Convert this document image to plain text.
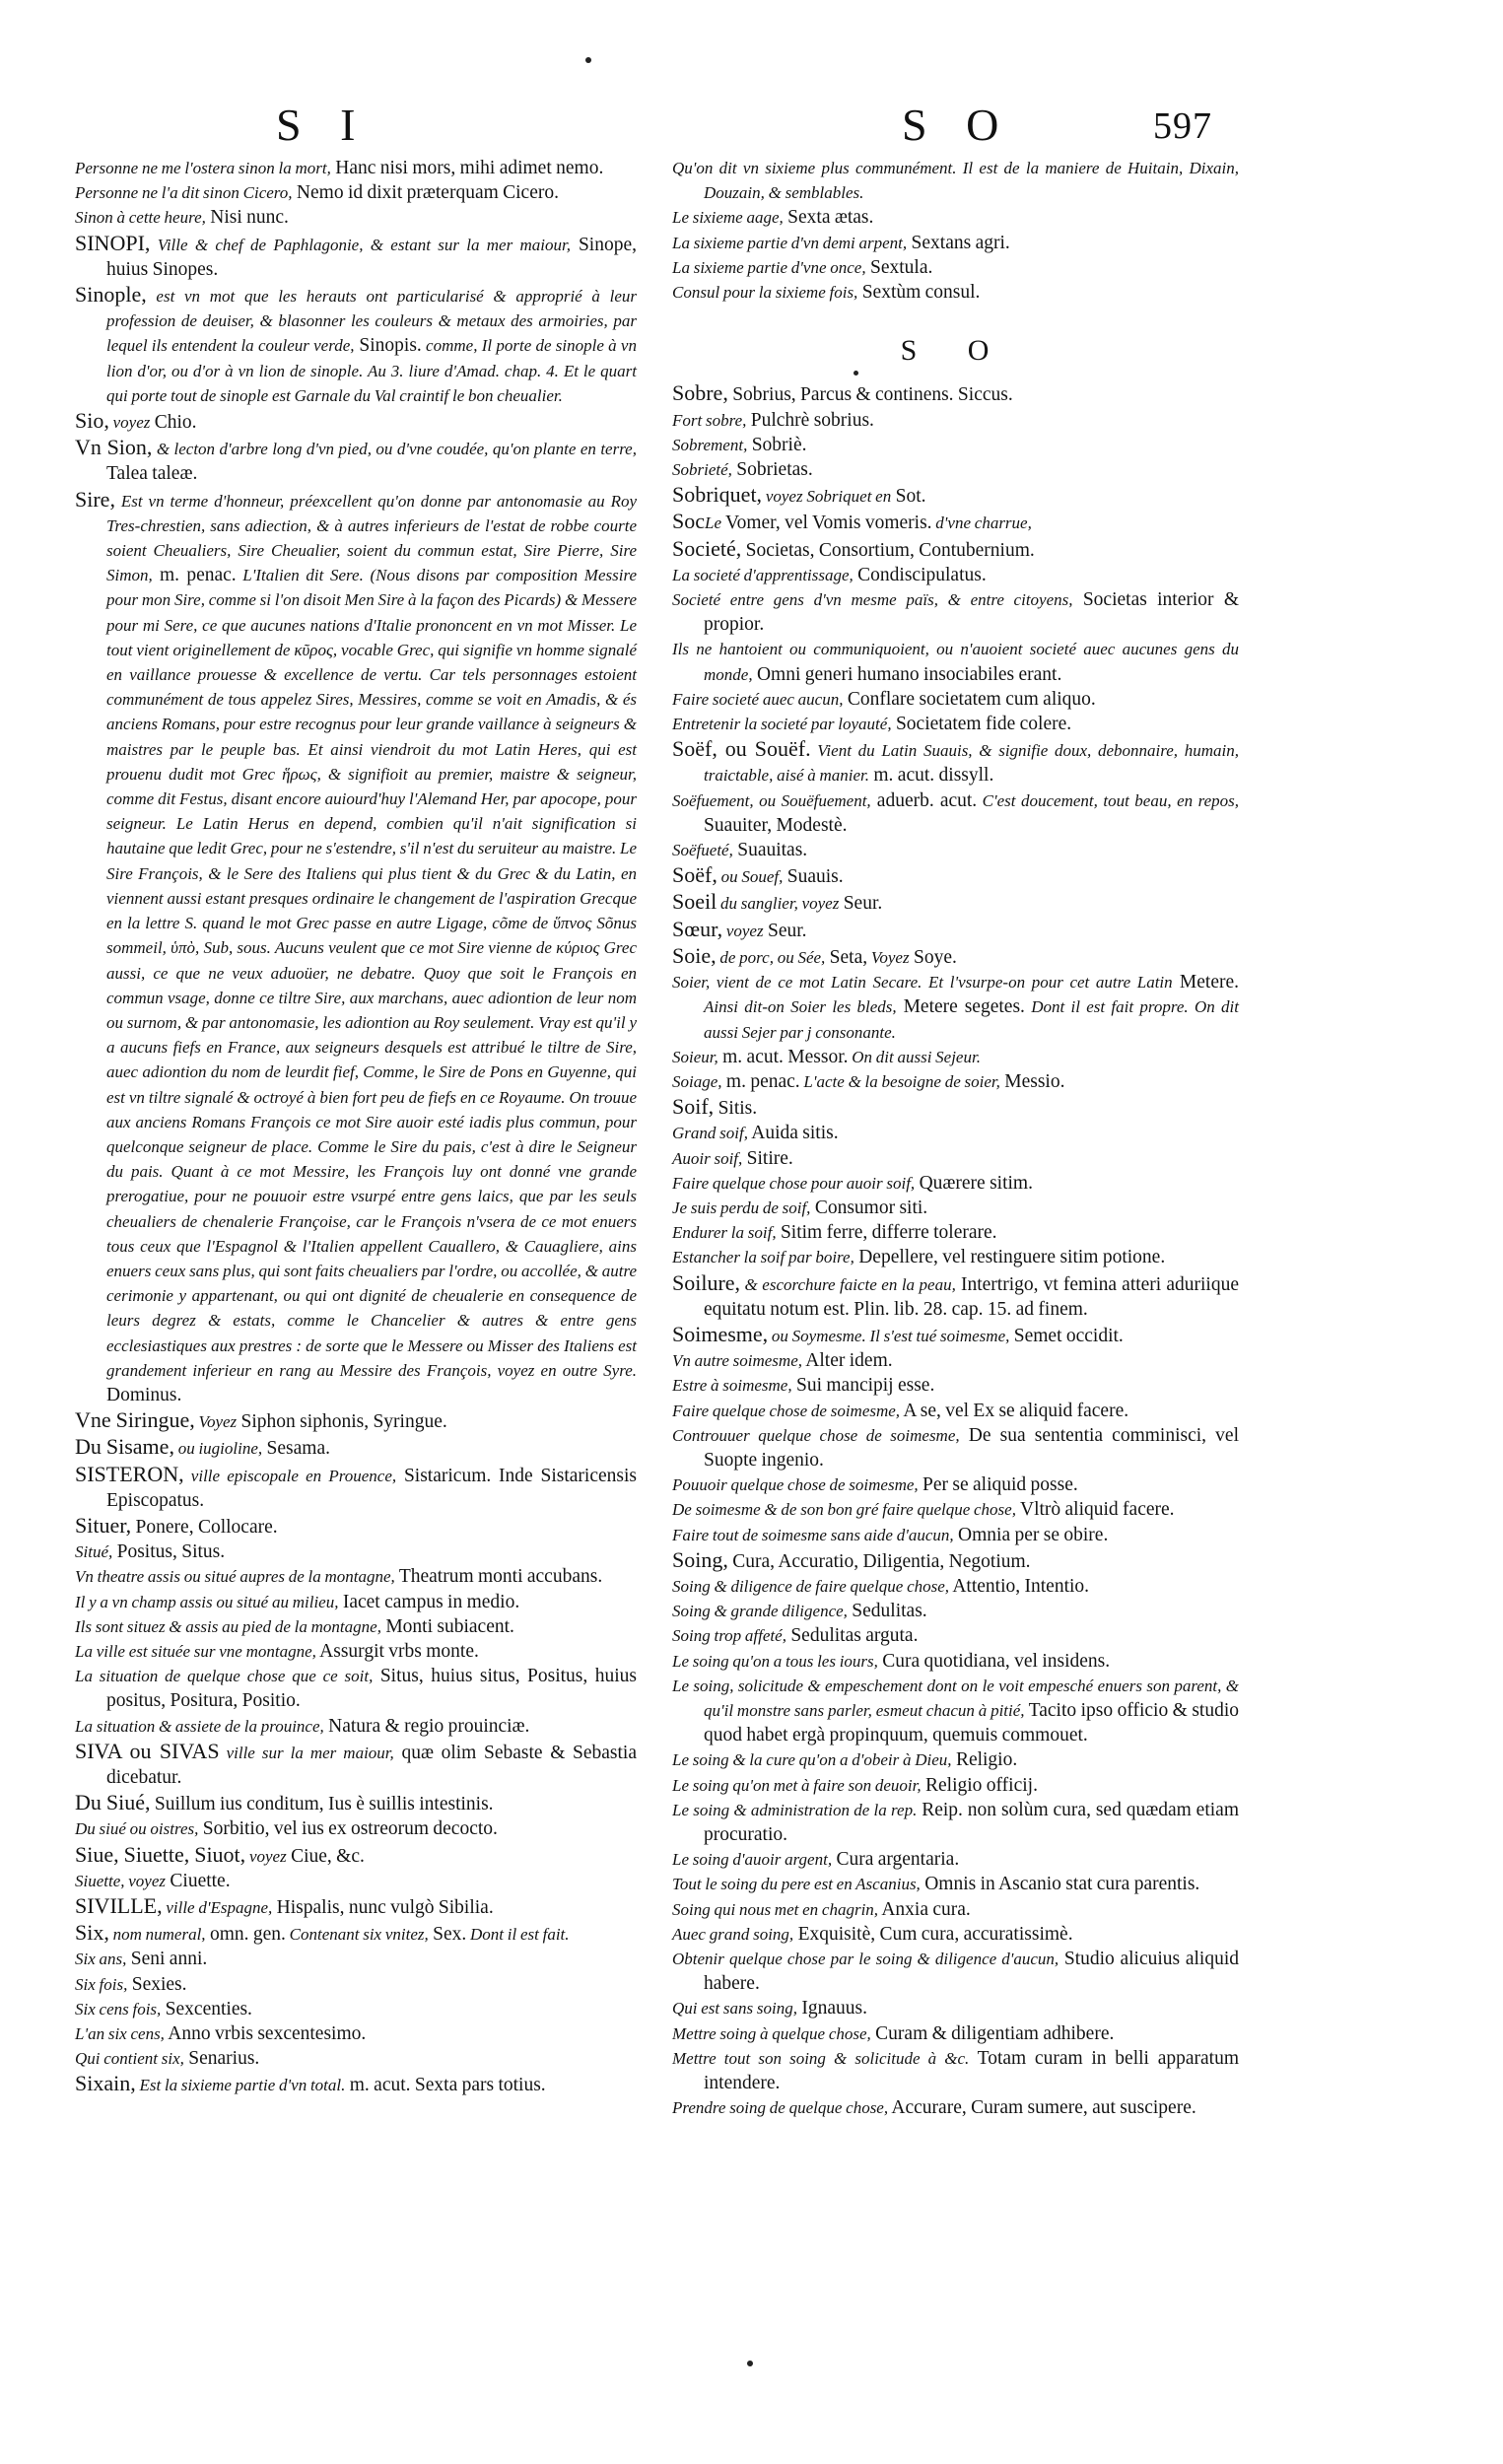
S I	S O	597

Personne ne me l'ostera sinon la mort, Hanc nisi mors, mihi adimet nemo.

Personne ne l'a dit sinon Cicero, Nemo id dixit præterquam Cicero.

Sinon à cette heure, Nisi nunc.

SINOPI, Ville & chef de Paphlagonie, & estant sur la mer maiour, Sinope, huius Sinopes.

Sinople, est vn mot que les herauts ont particularisé & approprié à leur profession de deuiser, & blasonner les couleurs & metaux des armoiries, par lequel ils entendent la couleur verde, Sinopis. comme, Il porte de sinople à vn lion d'or, ou d'or à vn lion de sinople. Au 3. liure d'Amad. chap. 4. Et le quart qui porte tout de sinople est Garnale du Val craintif le bon cheualier.

Sio, voyez Chio.

Vn Sion, & lecton d'arbre long d'vn pied, ou d'vne coudée, qu'on plante en terre, Talea taleæ.

Sire, Est vn terme d'honneur, préexcellent qu'on donne par antonomasie au Roy Tres-chrestien, sans adiection, & à autres inferieurs de l'estat de robbe courte soient Cheualiers, Sire Cheualier, soient du commun estat, Sire Pierre, Sire Simon, m. penac. L'Italien dit Sere. (Nous disons par composition Messire pour mon Sire, comme si l'on disoit Men Sire à la façon des Picards) & Messere pour mi Sere, ce que aucunes nations d'Italie prononcent en vn mot Misser. Le tout vient originellement de κῦρος, vocable Grec, qui signifie vn homme signalé en vaillance prouesse & excellence de vertu. Car tels personnages estoient communément de tous appelez Sires, Messires, comme se voit en Amadis, & és anciens Romans, pour estre recognus pour leur grande vaillance à seigneurs & maistres par le peuple bas. Et ainsi viendroit du mot Latin Heres, qui est prouenu dudit mot Grec ἥρως, & signifioit au premier, maistre & seigneur, comme dit Festus, disant encore auiourd'huy l'Alemand Her, par apocope, pour seigneur. Le Latin Herus en depend, combien qu'il n'ait signification si hautaine que ledit Grec, pour ne s'estendre, s'il n'est du seruiteur au maistre. Le Sire François, & le Sere des Italiens qui plus tient & du Grec & du Latin, en viennent aussi estant presques ordinaire le changement de l'aspiration Grecque en la lettre S. quand le mot Grec passe en autre Ligage, cõme de ὕπνος Sõnus sommeil, ὑπὸ, Sub, sous. Aucuns veulent que ce mot Sire vienne de κύριος Grec aussi, ce que ne veux aduoüer, ne debatre. Quoy que soit le François en commun vsage, donne ce tiltre Sire, aux marchans, auec adiontion de leur nom ou surnom, & par antonomasie, les adiontion au Roy seulement. Vray est qu'il y a aucuns fiefs en France, aux seigneurs desquels est attribué le tiltre de Sire, auec adiontion du nom de leurdit fief, Comme, le Sire de Pons en Guyenne, qui est vn tiltre signalé & octroyé à bien fort peu de fiefs en ce Royaume. On trouue aux anciens Romans François ce mot Sire auoir esté iadis plus commun, pour quelconque seigneur de place. Comme le Sire du pais, c'est à dire le Seigneur du pais. Quant à ce mot Messire, les François luy ont donné vne grande prerogatiue, pour ne pouuoir estre vsurpé entre gens laics, que par les seuls cheualiers de chenalerie Françoise, car le François n'vsera de ce mot enuers tous ceux que l'Espagnol & l'Italien appellent Cauallero, & Cauagliere, ains enuers ceux sans plus, qui sont faits cheualiers par l'ordre, ou accollée, & autre cerimonie y appartenant, ou qui ont dignité de cheualerie en consequence de leurs degrez & estats, comme le Chancelier & autres & entre gens ecclesiastiques aux prestres : de sorte que le Messere ou Misser des Italiens est grandement inferieur en rang au Messire des François, voyez en outre Syre. Dominus.

Vne Siringue, Voyez Siphon siphonis, Syringue.

Du Sisame, ou iugioline, Sesama.

SISTERON, ville episcopale en Prouence, Sistaricum. Inde Sistaricensis Episcopatus.

Situer, Ponere, Collocare.

Situé, Positus, Situs.

Vn theatre assis ou situé aupres de la montagne, Theatrum monti accubans.

Il y a vn champ assis ou situé au milieu, Iacet campus in medio.

Ils sont situez & assis au pied de la montagne, Monti subiacent.

La ville est située sur vne montagne, Assurgit vrbs monte.

La situation de quelque chose que ce soit, Situs, huius situs, Positus, huius positus, Positura, Positio.

La situation & assiete de la prouince, Natura & regio prouinciæ.

SIVA ou SIVAS ville sur la mer maiour, quæ olim Sebaste & Sebastia dicebatur.

Du Siué, Suillum ius conditum, Ius è suillis intestinis.

Du siué ou oistres, Sorbitio, vel ius ex ostreorum decocto.

Siue, Siuette, Siuot, voyez Ciue, &c.

Siuette, voyez Ciuette.

SIVILLE, ville d'Espagne, Hispalis, nunc vulgò Sibilia.

Six, nom numeral, omn. gen. Contenant six vnitez, Sex. Dont il est fait.

Six ans, Seni anni.

Six fois, Sexies.

Six cens fois, Sexcenties.

L'an six cens, Anno vrbis sexcentesimo.

Qui contient six, Senarius.

Sixain, Est la sixieme partie d'vn total. m. acut. Sexta pars totius.

Qu'on dit vn sixieme plus communément. Il est de la maniere de Huitain, Dixain, Douzain, & semblables.

Le sixieme aage, Sexta ætas.

La sixieme partie d'vn demi arpent, Sextans agri.

La sixieme partie d'vne once, Sextula.

Consul pour la sixieme fois, Sextùm consul.

S O

Sobre, Sobrius, Parcus & continens. Siccus.

Fort sobre, Pulchrè sobrius.

Sobrement, Sobriè.

Sobrieté, Sobrietas.

Sobriquet, voyez Sobriquet en Sot.

SocLe Vomer, vel Vomis vomeris. d'vne charrue,

Societé, Societas, Consortium, Contubernium.

La societé d'apprentissage, Condiscipulatus.

Societé entre gens d'vn mesme païs, & entre citoyens, Societas interior & propior.

Ils ne hantoient ou communiquoient, ou n'auoient societé auec aucunes gens du monde, Omni generi humano insociabiles erant.

Faire societé auec aucun, Conflare societatem cum aliquo.

Entretenir la societé par loyauté, Societatem fide colere.

Soëf, ou Souëf. Vient du Latin Suauis, & signifie doux, debonnaire, humain, traictable, aisé à manier. m. acut. dissyll.

Soëfuement, ou Souëfuement, aduerb. acut. C'est doucement, tout beau, en repos, Suauiter, Modestè.

Soëfueté, Suauitas.

Soëf, ou Souef, Suauis.

Soeil du sanglier, voyez Seur.

Sœur, voyez Seur.

Soie, de porc, ou Sée, Seta, Voyez Soye.

Soier, vient de ce mot Latin Secare. Et l'vsurpe-on pour cet autre Latin Metere. Ainsi dit-on Soier les bleds, Metere segetes. Dont il est fait propre. On dit aussi Sejer par j consonante.

Soieur, m. acut. Messor. On dit aussi Sejeur.

Soiage, m. penac. L'acte & la besoigne de soier, Messio.

Soif, Sitis.

Grand soif, Auida sitis.

Auoir soif, Sitire.

Faire quelque chose pour auoir soif, Quærere sitim.

Je suis perdu de soif, Consumor siti.

Endurer la soif, Sitim ferre, differre tolerare.

Estancher la soif par boire, Depellere, vel restinguere sitim potione.

Soilure, & escorchure faicte en la peau, Intertrigo, vt femina atteri aduriique equitatu notum est. Plin. lib. 28. cap. 15. ad finem.

Soimesme, ou Soymesme. Il s'est tué soimesme, Semet occidit.

Vn autre soimesme, Alter idem.

Estre à soimesme, Sui mancipij esse.

Faire quelque chose de soimesme, A se, vel Ex se aliquid facere.

Controuuer quelque chose de soimesme, De sua sententia comminisci, vel Suopte ingenio.

Pouuoir quelque chose de soimesme, Per se aliquid posse.

De soimesme & de son bon gré faire quelque chose, Vltrò aliquid facere.

Faire tout de soimesme sans aide d'aucun, Omnia per se obire.

Soing, Cura, Accuratio, Diligentia, Negotium.

Soing & diligence de faire quelque chose, Attentio, Intentio.

Soing & grande diligence, Sedulitas.

Soing trop affeté, Sedulitas arguta.

Le soing qu'on a tous les iours, Cura quotidiana, vel insidens.

Le soing, solicitude & empeschement dont on le voit empesché enuers son parent, & qu'il monstre sans parler, esmeut chacun à pitié, Tacito ipso officio & studio quod habet ergà propinquum, quemuis commouet.

Le soing & la cure qu'on a d'obeir à Dieu, Religio.

Le soing qu'on met à faire son deuoir, Religio officij.

Le soing & administration de la rep. Reip. non solùm cura, sed quædam etiam procuratio.

Le soing d'auoir argent, Cura argentaria.

Tout le soing du pere est en Ascanius, Omnis in Ascanio stat cura parentis.

Soing qui nous met en chagrin, Anxia cura.

Auec grand soing, Exquisitè, Cum cura, accuratissimè.

Obtenir quelque chose par le soing & diligence d'aucun, Studio alicuius aliquid habere.

Qui est sans soing, Ignauus.

Mettre soing à quelque chose, Curam & diligentiam adhibere.

Mettre tout son soing & solicitude à &c. Totam curam in belli apparatum intendere.

Prendre soing de quelque chose, Accurare, Curam sumere, aut suscipere.
